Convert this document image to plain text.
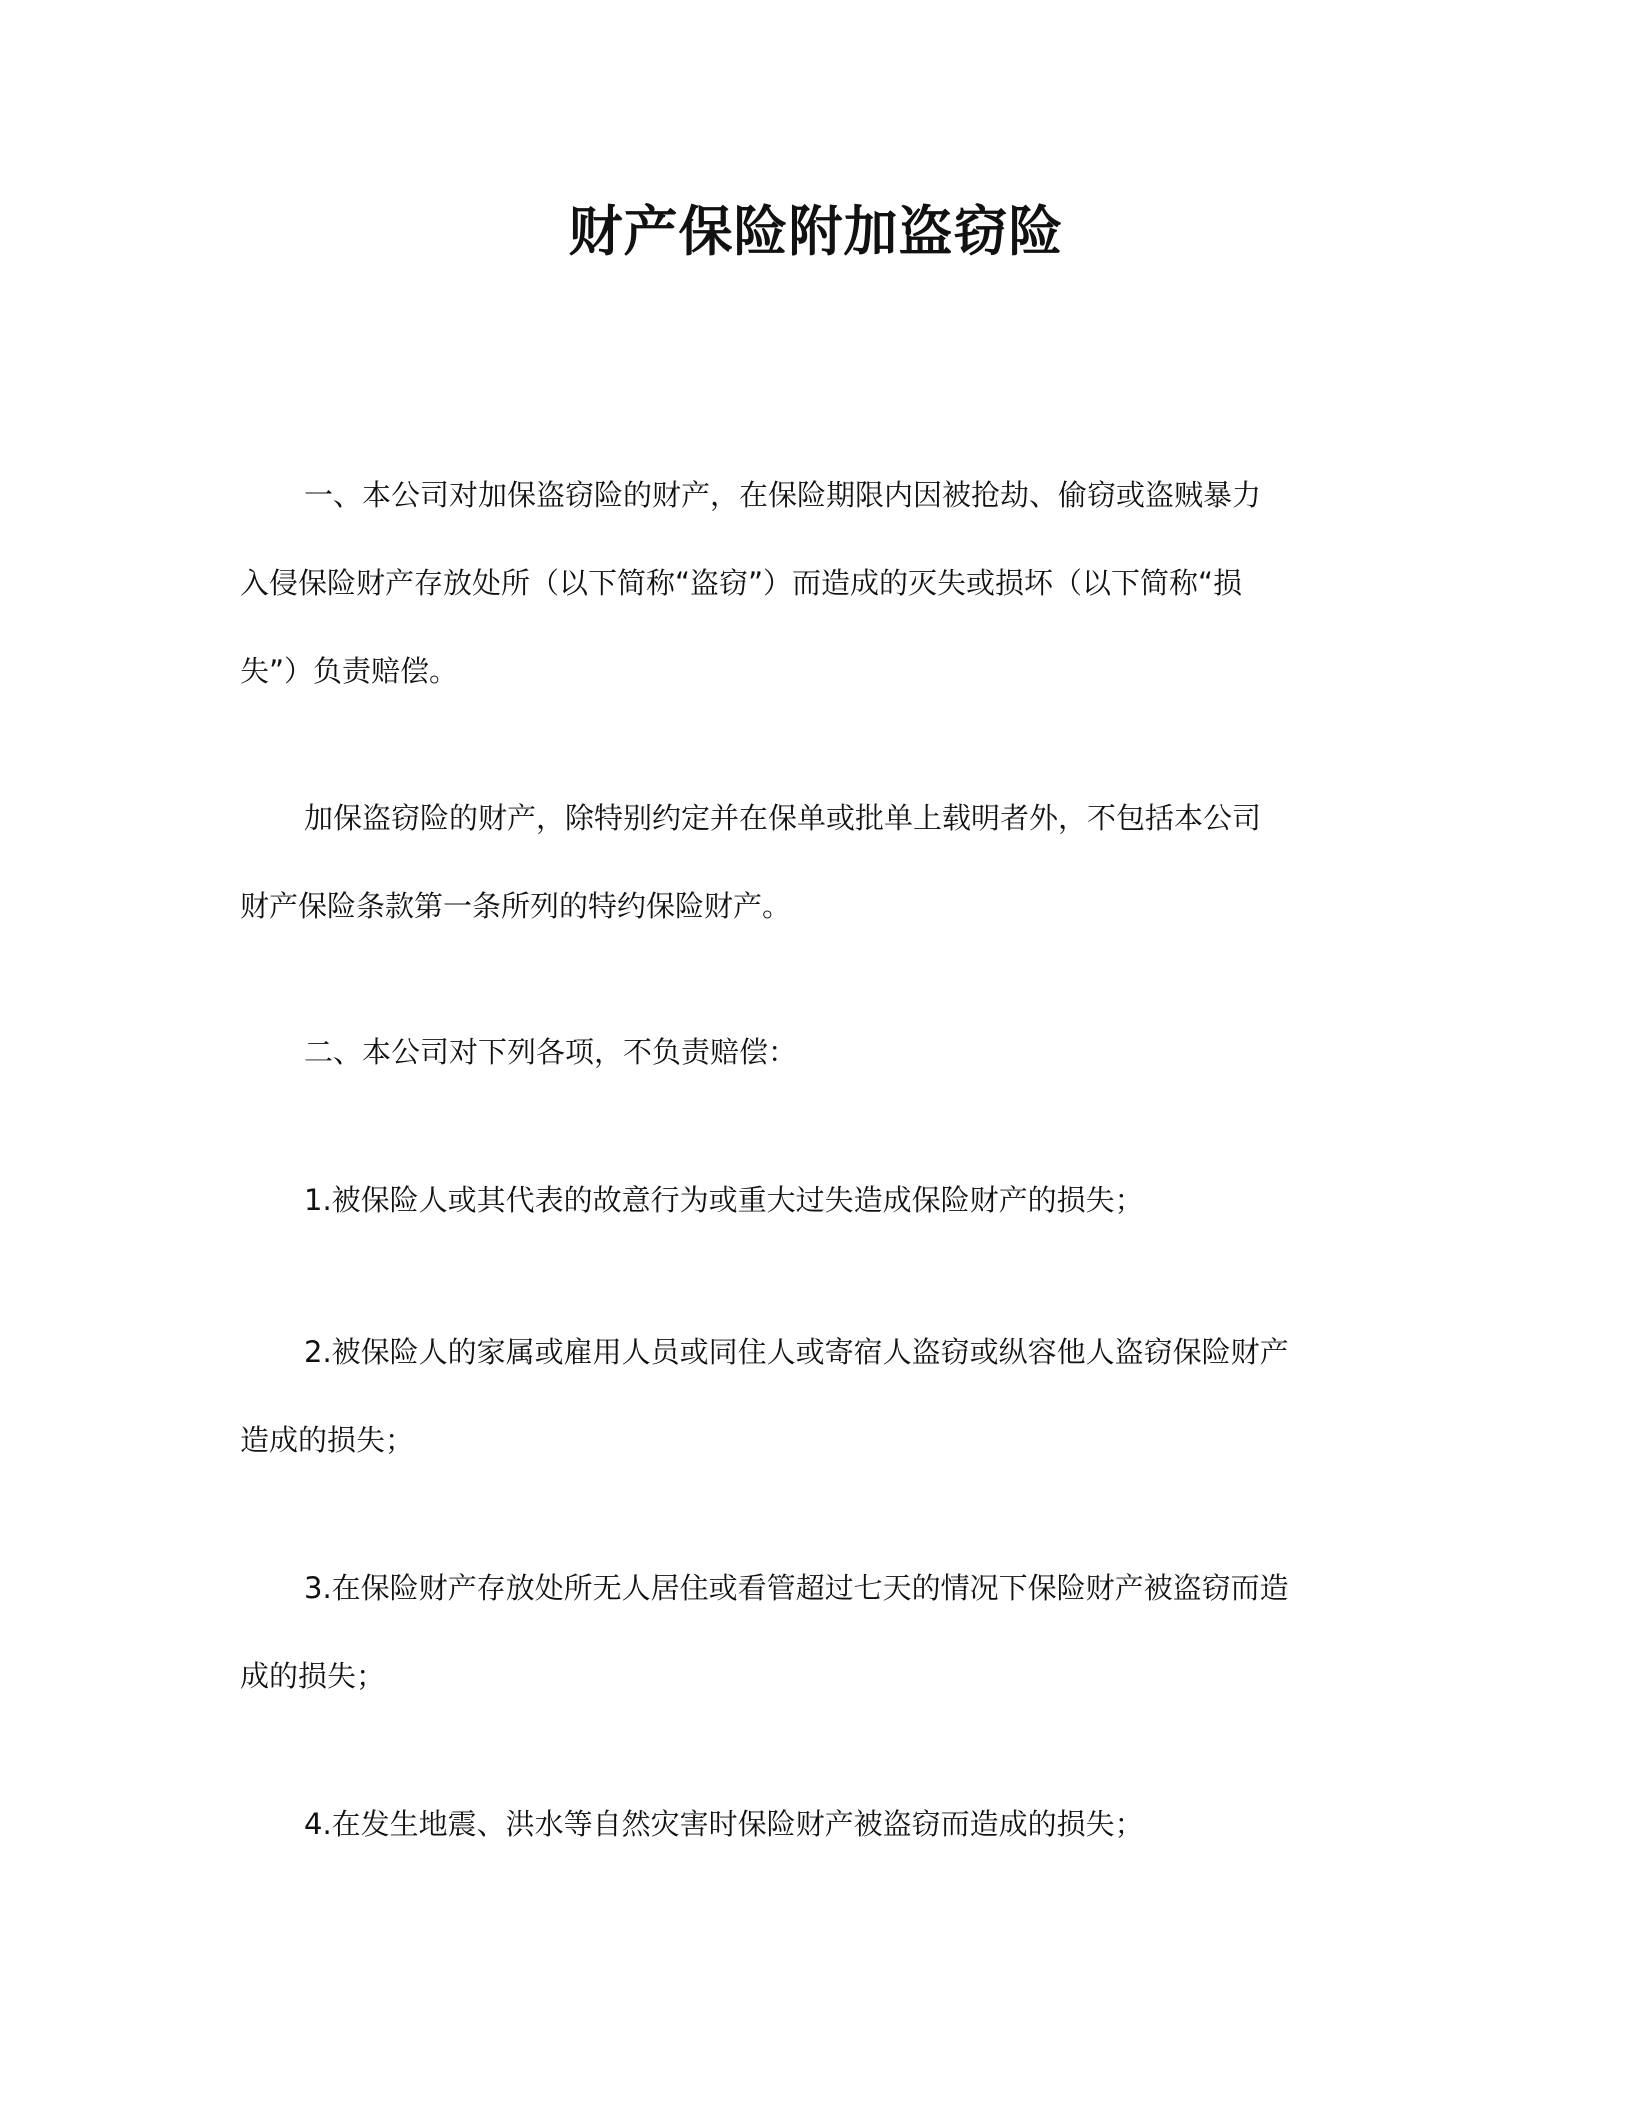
财产保险附加盗窃险

一、本公司对加保盗窃险的财产，在保险期限内因被抢劫、偷窃或盗贼暴力
入侵保险财产存放处所（以下简称“盗窃”）而造成的灭失或损坏（以下简称“损
失”）负责赔偿。

加保盗窃险的财产，除特别约定并在保单或批单上载明者外，不包括本公司
财产保险条款第一条所列的特约保险财产。

二、本公司对下列各项，不负责赔偿：

1.被保险人或其代表的故意行为或重大过失造成保险财产的损失；

2.被保险人的家属或雇用人员或同住人或寄宿人盗窃或纵容他人盗窃保险财产
造成的损失；

3.在保险财产存放处所无人居住或看管超过七天的情况下保险财产被盗窃而造
成的损失；

4.在发生地震、洪水等自然灾害时保险财产被盗窃而造成的损失；
